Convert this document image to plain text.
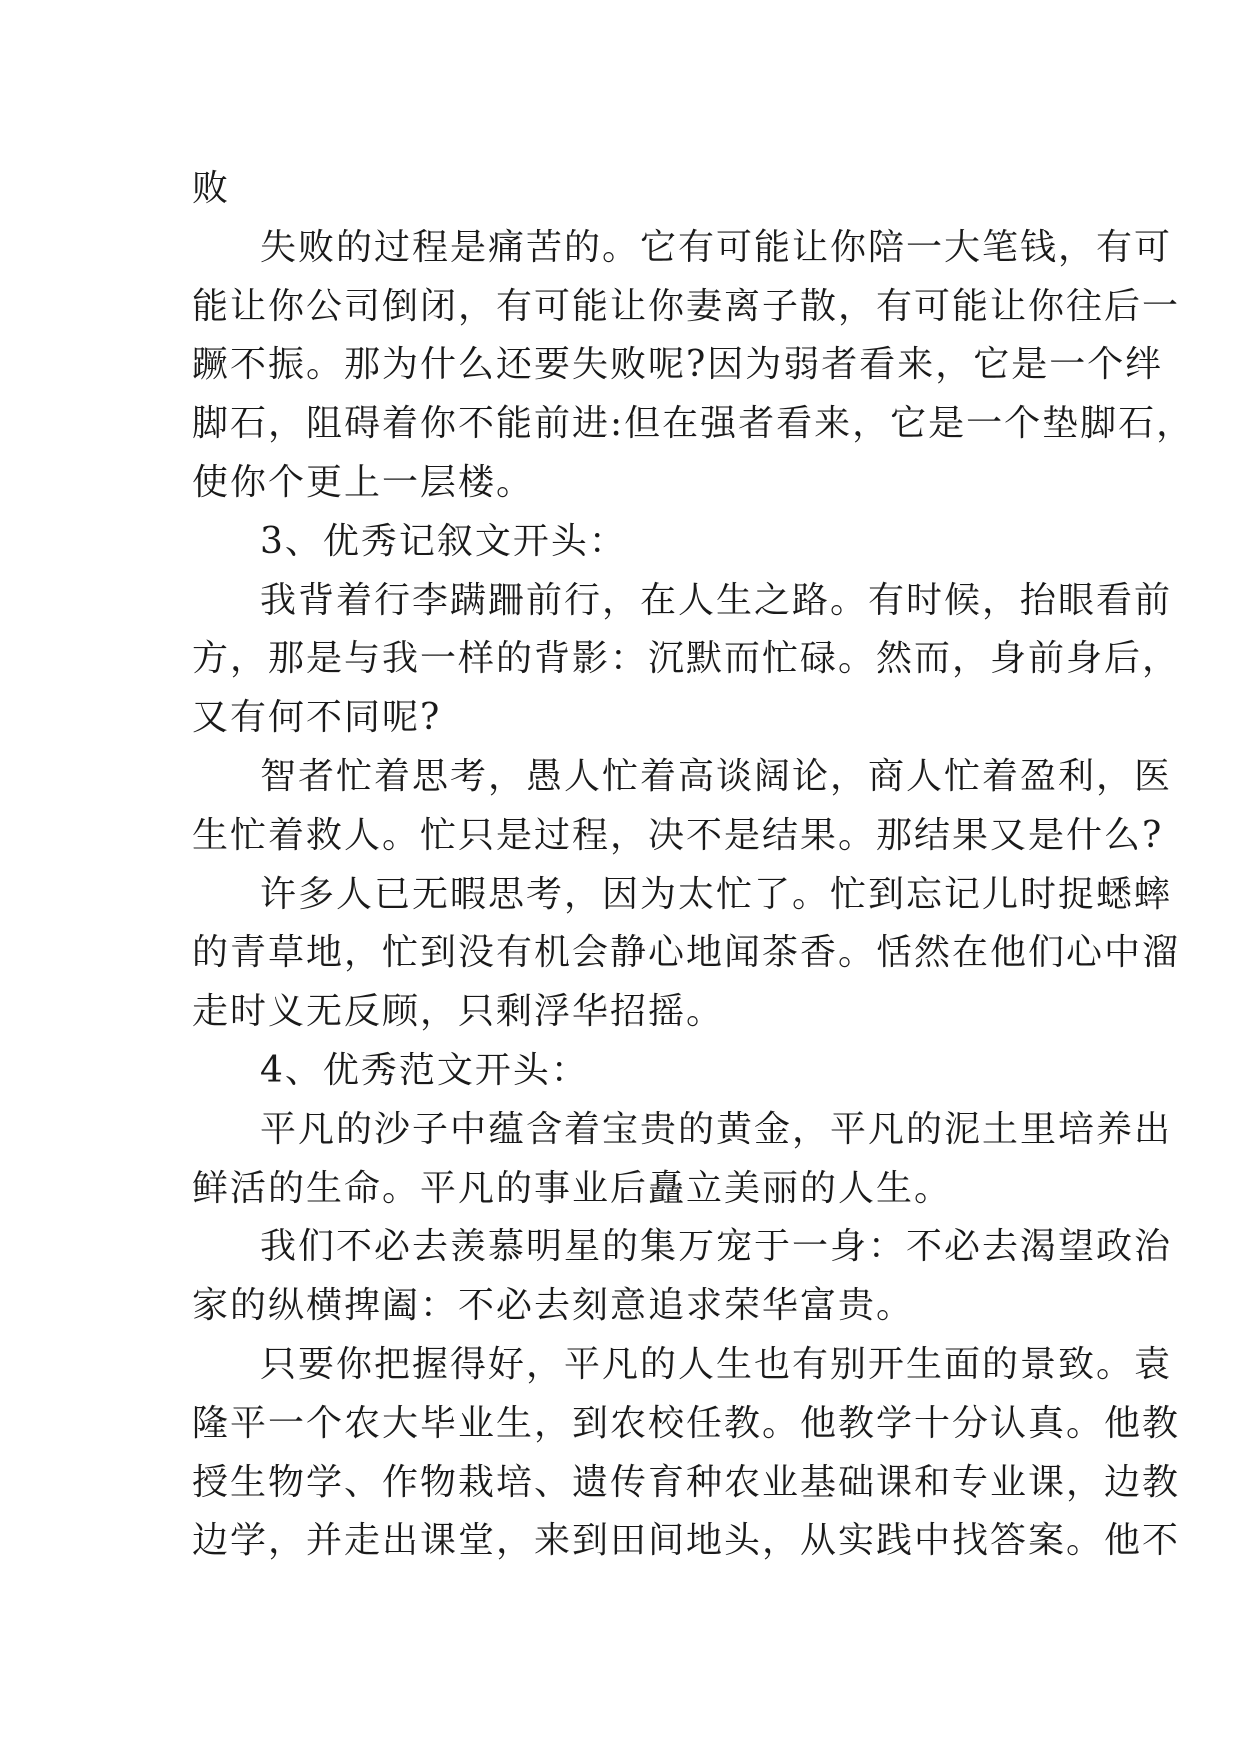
败
失败的过程是痛苦的。它有可能让你陪一大笔钱，有可
能让你公司倒闭，有可能让你妻离子散，有可能让你往后一
蹶不振。那为什么还要失败呢?因为弱者看来，它是一个绊
脚石，阻碍着你不能前进:但在强者看来，它是一个垫脚石，
使你个更上一层楼。
3、优秀记叙文开头：
我背着行李蹒跚前行，在人生之路。有时候，抬眼看前
方，那是与我一样的背影：沉默而忙碌。然而，身前身后，
又有何不同呢?
智者忙着思考，愚人忙着高谈阔论，商人忙着盈利，医
生忙着救人。忙只是过程，决不是结果。那结果又是什么?
许多人已无暇思考，因为太忙了。忙到忘记儿时捉蟋蟀
的青草地，忙到没有机会静心地闻茶香。恬然在他们心中溜
走时义无反顾，只剩浮华招摇。
4、优秀范文开头：
平凡的沙子中蕴含着宝贵的黄金，平凡的泥土里培养出
鲜活的生命。平凡的事业后矗立美丽的人生。
我们不必去羡慕明星的集万宠于一身：不必去渴望政治
家的纵横捭阖：不必去刻意追求荣华富贵。
只要你把握得好，平凡的人生也有别开生面的景致。袁
隆平一个农大毕业生，到农校任教。他教学十分认真。他教
授生物学、作物栽培、遗传育种农业基础课和专业课，边教
边学，并走出课堂，来到田间地头，从实践中找答案。他不
